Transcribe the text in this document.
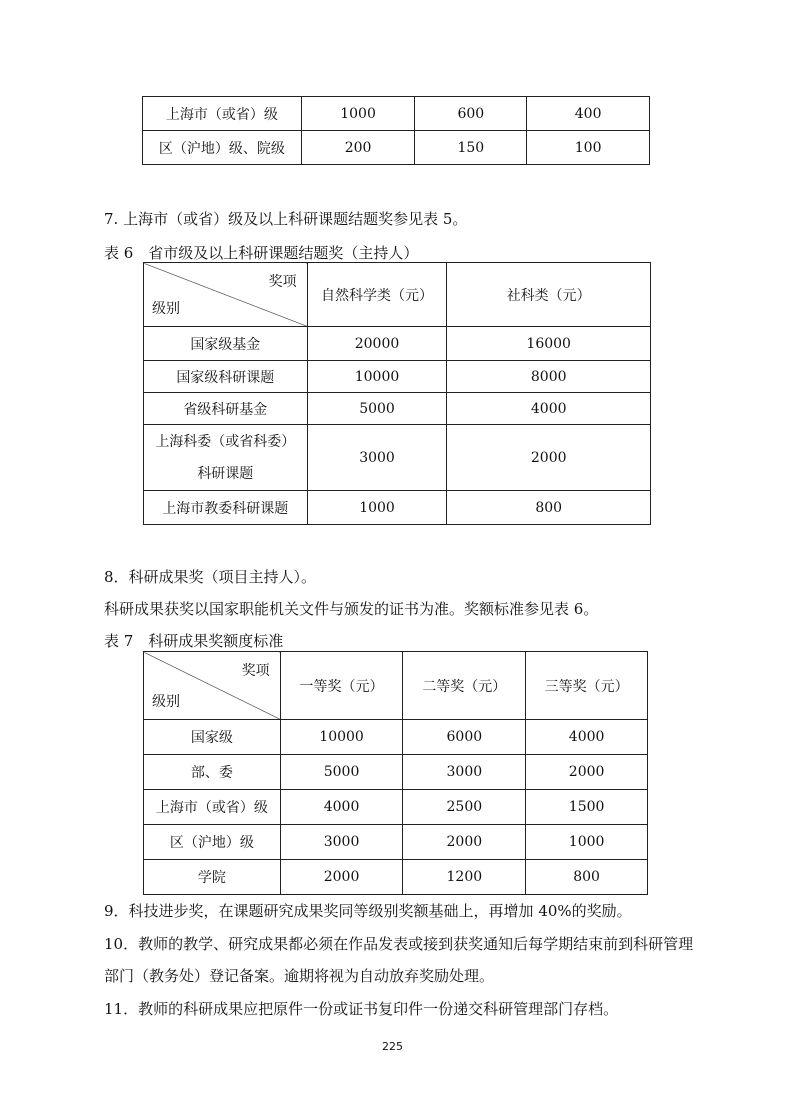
上海市（或省）级	1000	600	400
区（沪地）级、院级	200	150	100
7. 上海市（或省）级及以上科研课题结题奖参见表 5。
表 6　省市级及以上科研课题结题奖（主持人）
奖项
级别	自然科学类（元）	社科类（元）
国家级基金	20000	16000
国家级科研课题	10000	8000
省级科研基金	5000	4000

上海科委（或省科委）
科研课题	3000	2000
上海市教委科研课题	1000	800
8．科研成果奖（项目主持人）。
科研成果获奖以国家职能机关文件与颁发的证书为准。奖额标准参见表 6。
表 7　科研成果奖额度标准
奖项
级别	一等奖（元）	二等奖（元）	三等奖（元）
国家级	10000	6000	4000
部、委	5000	3000	2000
上海市（或省）级	4000	2500	1500
区（沪地）级	3000	2000	1000
学院	2000	1200	800
9．科技进步奖，在课题研究成果奖同等级别奖额基础上，再增加 40%的奖励。
10．教师的教学、研究成果都必须在作品发表或接到获奖通知后每学期结束前到科研管理
部门（教务处）登记备案。逾期将视为自动放弃奖励处理。
11．教师的科研成果应把原件一份或证书复印件一份递交科研管理部门存档。
225
